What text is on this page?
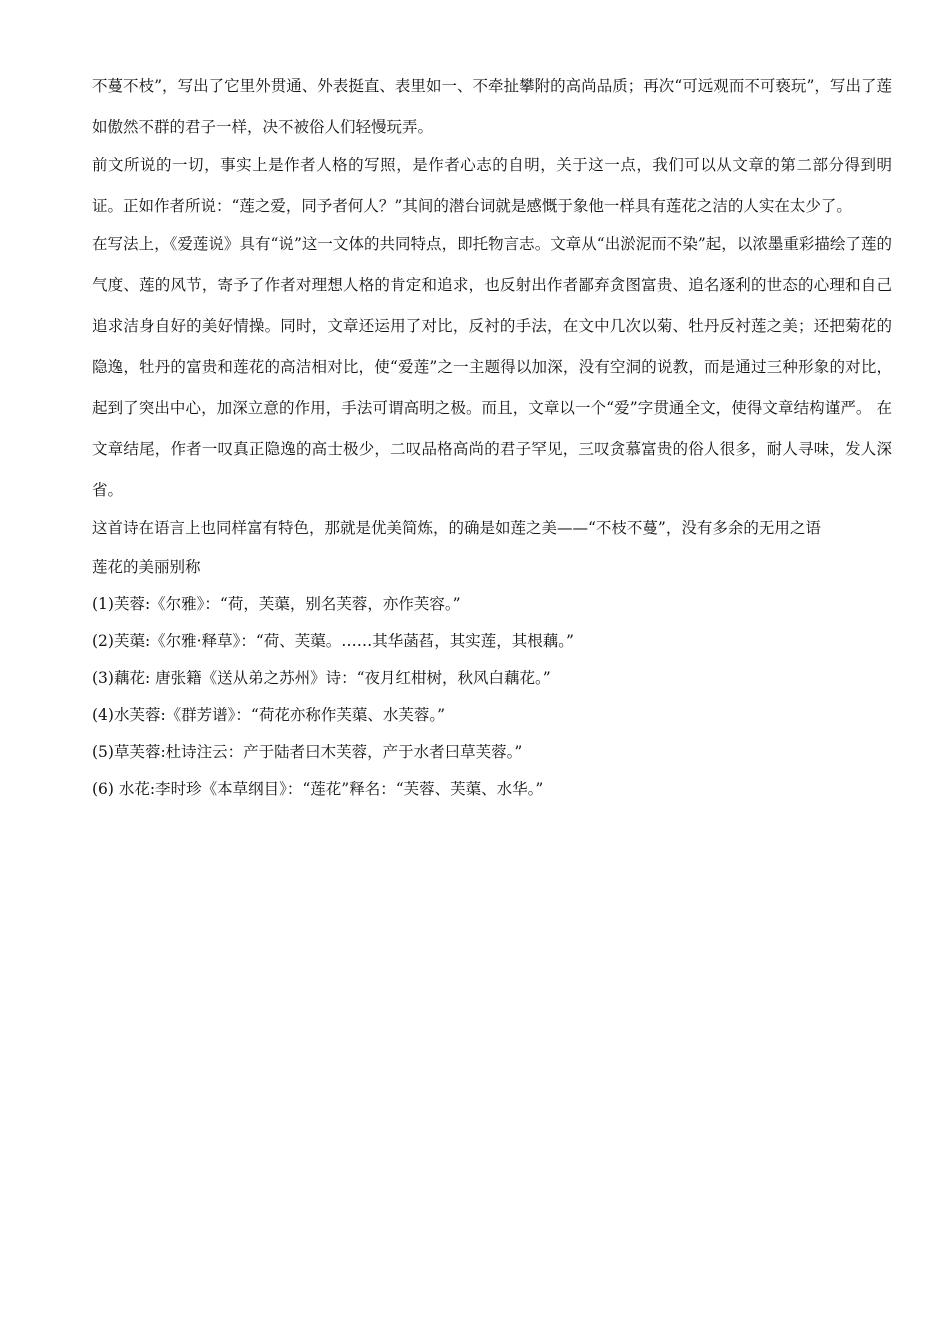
不蔓不枝”，写出了它里外贯通、外表挺直、表里如一、不牵扯攀附的高尚品质；再次“可远观而不可亵玩”，写出了莲如傲然不群的君子一样，决不被俗人们轻慢玩弄。

前文所说的一切，事实上是作者人格的写照，是作者心志的自明，关于这一点，我们可以从文章的第二部分得到明证。正如作者所说：“莲之爱，同予者何人？”其间的潜台词就是感慨于象他一样具有莲花之洁的人实在太少了。

在写法上，《爱莲说》具有“说”这一文体的共同特点，即托物言志。文章从“出淤泥而不染”起，以浓墨重彩描绘了莲的气度、莲的风节，寄予了作者对理想人格的肯定和追求，也反射出作者鄙弃贪图富贵、追名逐利的世态的心理和自己追求洁身自好的美好情操。同时，文章还运用了对比，反衬的手法，在文中几次以菊、牡丹反衬莲之美；还把菊花的隐逸，牡丹的富贵和莲花的高洁相对比，使“爱莲”之一主题得以加深，没有空洞的说教，而是通过三种形象的对比，起到了突出中心，加深立意的作用，手法可谓高明之极。而且，文章以一个“爱”字贯通全文，使得文章结构谨严。 在文章结尾，作者一叹真正隐逸的高士极少，二叹品格高尚的君子罕见，三叹贪慕富贵的俗人很多，耐人寻味，发人深省。

这首诗在语言上也同样富有特色，那就是优美简炼，的确是如莲之美——“不枝不蔓”，没有多余的无用之语

莲花的美丽别称

(1)芙蓉:《尔雅》：“荷，芙蕖，别名芙蓉，亦作芙容。”
(2)芙蕖:《尔雅·释草》：“荷、芙蕖。……其华菡萏，其实莲，其根藕。”
(3)藕花: 唐张籍《送从弟之苏州》诗：“夜月红柑树，秋风白藕花。”
(4)水芙蓉:《群芳谱》：“荷花亦称作芙蕖、水芙蓉。”
(5)草芙蓉:杜诗注云：产于陆者曰木芙蓉，产于水者曰草芙蓉。”
(6) 水花:李时珍《本草纲目》：“莲花”释名：“芙蓉、芙蕖、水华。”
